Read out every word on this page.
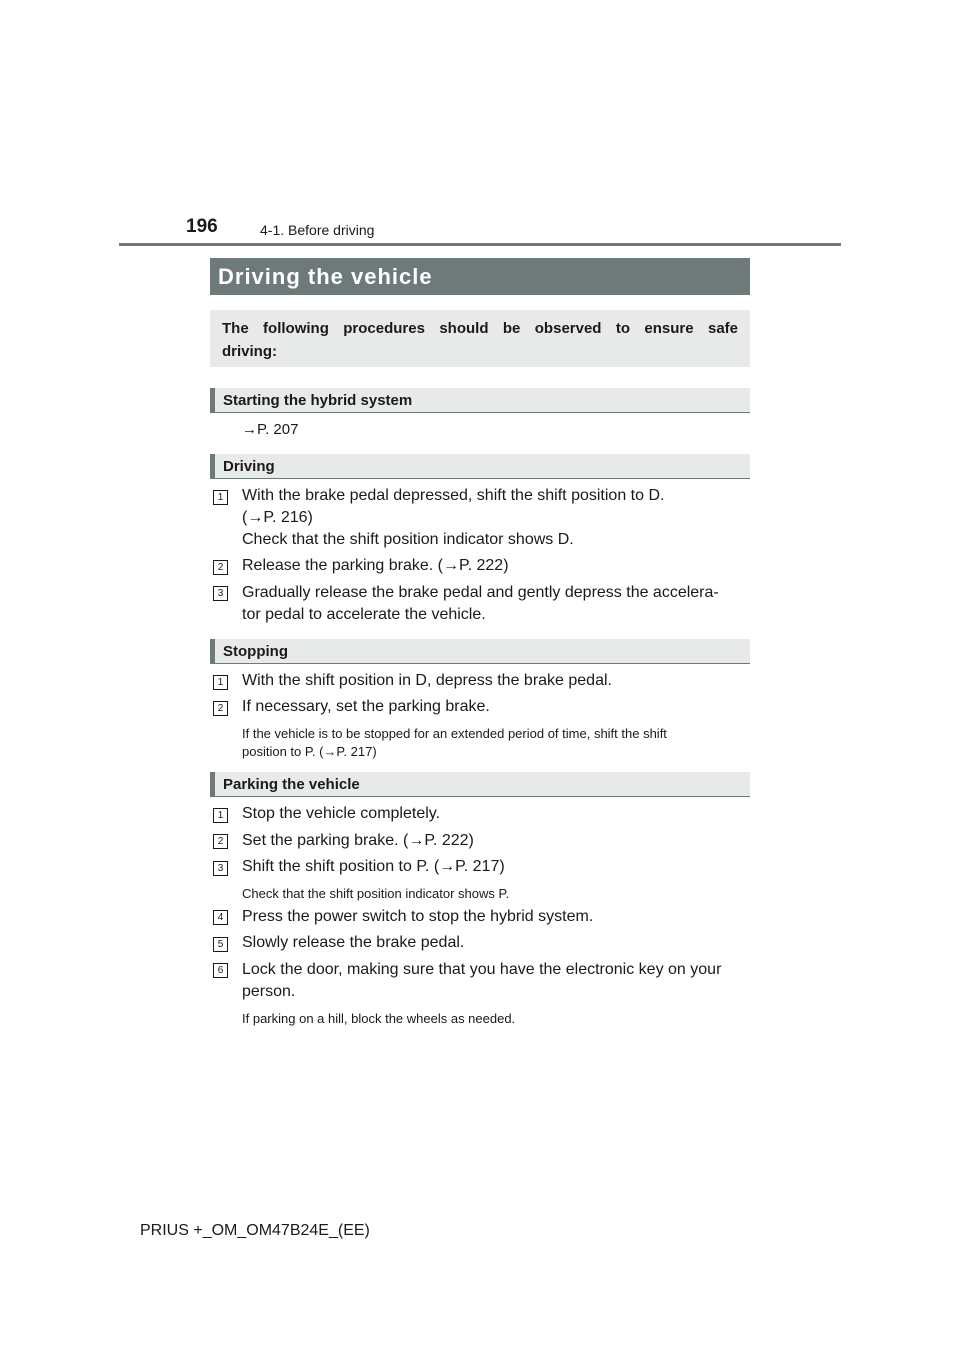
196	4-1. Before driving
Driving the vehicle
The following procedures should be observed to ensure safe driving:
Starting the hybrid system
→P. 207
Driving
1 With the brake pedal depressed, shift the shift position to D.
(→P. 216)
Check that the shift position indicator shows D.
2 Release the parking brake. (→P. 222)
3 Gradually release the brake pedal and gently depress the accelera-
tor pedal to accelerate the vehicle.
Stopping
1 With the shift position in D, depress the brake pedal.
2 If necessary, set the parking brake.
If the vehicle is to be stopped for an extended period of time, shift the shift
position to P. (→P. 217)
Parking the vehicle
1 Stop the vehicle completely.
2 Set the parking brake. (→P. 222)
3 Shift the shift position to P. (→P. 217)
Check that the shift position indicator shows P.
4 Press the power switch to stop the hybrid system.
5 Slowly release the brake pedal.
6 Lock the door, making sure that you have the electronic key on your
person.
If parking on a hill, block the wheels as needed.
PRIUS +_OM_OM47B24E_(EE)
